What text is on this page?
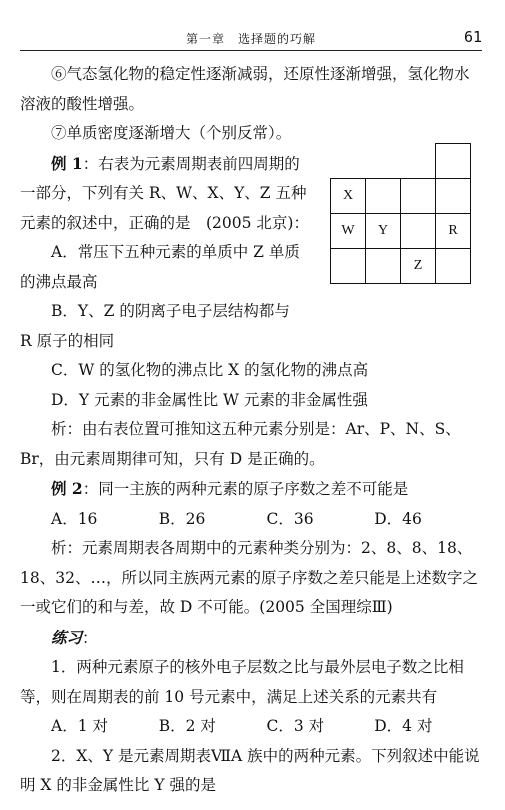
第一章　选择题的巧解	61

X			
W	Y		R
		Z	

⑥气态氢化物的稳定性逐渐减弱，还原性逐渐增强，氢化物水溶液的酸性增强。

⑦单质密度逐渐增大（个别反常）。

例 1：右表为元素周期表前四周期的一部分，下列有关 R、W、X、Y、Z 五种元素的叙述中，正确的是　(2005 北京)：

A．常压下五种元素的单质中 Z 单质的沸点最高

B．Y、Z 的阴离子电子层结构都与

R 原子的相同

C．W 的氢化物的沸点比 X 的氢化物的沸点高

D．Y 元素的非金属性比 W 元素的非金属性强

析：由右表位置可推知这五种元素分别是：Ar、P、N、S、Br，由元素周期律可知，只有 D 是正确的。

例 2：同一主族的两种元素的原子序数之差不可能是

A．16	B．26	C．36	D．46

析：元素周期表各周期中的元素种类分别为：2、8、8、18、18、32、…，所以同主族两元素的原子序数之差只能是上述数字之一或它们的和与差，故 D 不可能。(2005 全国理综Ⅲ)

练习：

1．两种元素原子的核外电子层数之比与最外层电子数之比相等，则在周期表的前 10 号元素中，满足上述关系的元素共有

A．1 对	B．2 对	C．3 对	D．4 对

2．X、Y 是元素周期表ⅦA 族中的两种元素。下列叙述中能说明 X 的非金属性比 Y 强的是
